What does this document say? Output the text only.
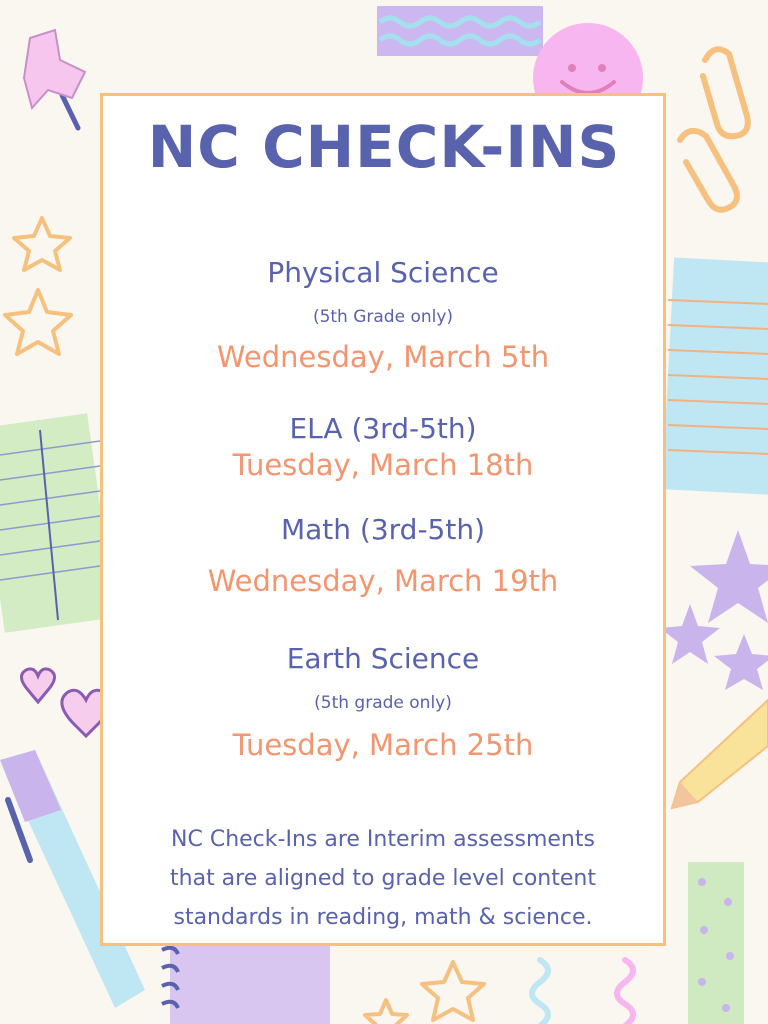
NC CHECK-INS
Physical Science
(5th Grade only)
Wednesday, March 5th
ELA (3rd-5th)
Tuesday, March 18th
Math (3rd-5th)
Wednesday, March 19th
Earth Science
(5th grade only)
Tuesday, March 25th
NC Check-Ins are Interim assessments
that are aligned to grade level content
standards in reading, math & science.
